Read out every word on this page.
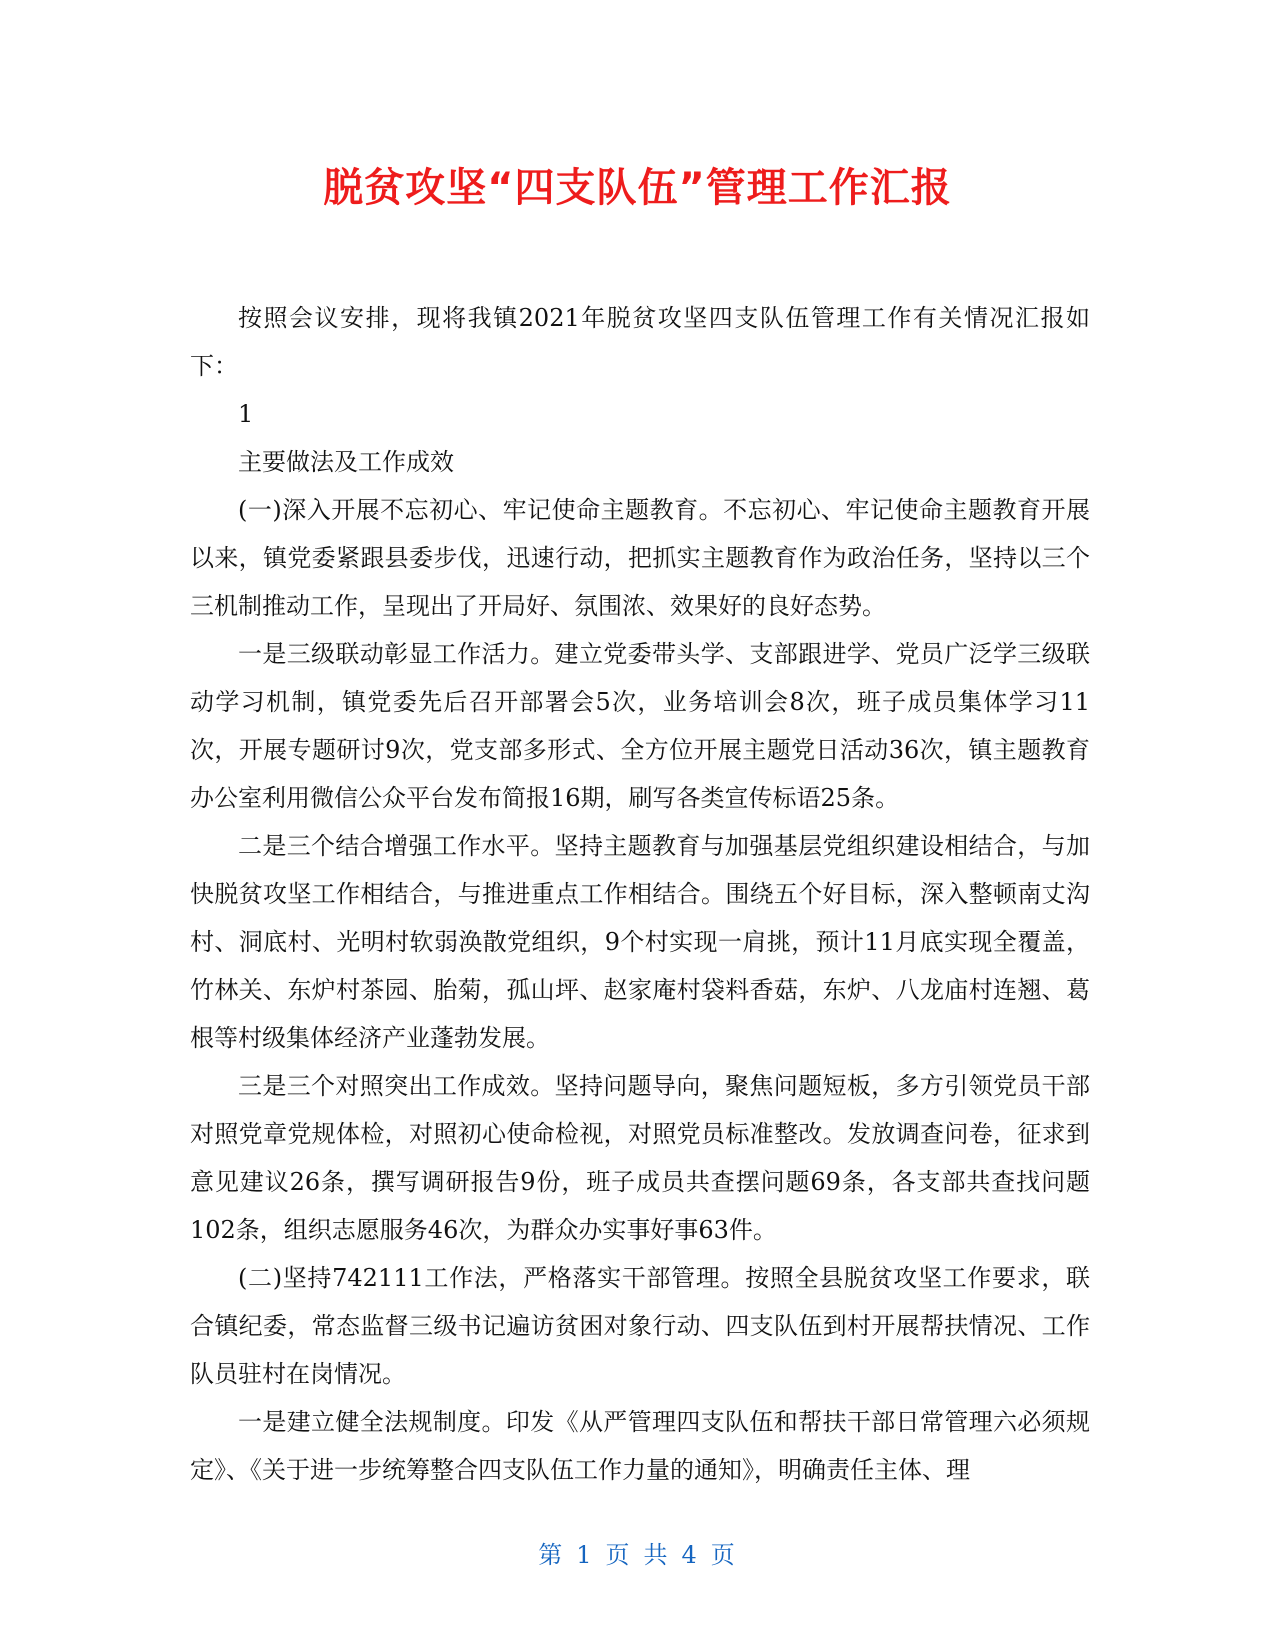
脱贫攻坚“四支队伍”管理工作汇报

按照会议安排，现将我镇2021年脱贫攻坚四支队伍管理工作有关情况汇报如下：

1

主要做法及工作成效

(一)深入开展不忘初心、牢记使命主题教育。不忘初心、牢记使命主题教育开展以来，镇党委紧跟县委步伐，迅速行动，把抓实主题教育作为政治任务，坚持以三个三机制推动工作，呈现出了开局好、氛围浓、效果好的良好态势。

一是三级联动彰显工作活力。建立党委带头学、支部跟进学、党员广泛学三级联动学习机制，镇党委先后召开部署会5次，业务培训会8次，班子成员集体学习11次，开展专题研讨9次，党支部多形式、全方位开展主题党日活动36次，镇主题教育办公室利用微信公众平台发布简报16期，刷写各类宣传标语25条。

二是三个结合增强工作水平。坚持主题教育与加强基层党组织建设相结合，与加快脱贫攻坚工作相结合，与推进重点工作相结合。围绕五个好目标，深入整顿南丈沟村、洞底村、光明村软弱涣散党组织，9个村实现一肩挑，预计11月底实现全覆盖，竹林关、东炉村茶园、胎菊，孤山坪、赵家庵村袋料香菇，东炉、八龙庙村连翘、葛根等村级集体经济产业蓬勃发展。

三是三个对照突出工作成效。坚持问题导向，聚焦问题短板，多方引领党员干部对照党章党规体检，对照初心使命检视，对照党员标准整改。发放调查问卷，征求到意见建议26条，撰写调研报告9份，班子成员共查摆问题69条，各支部共查找问题102条，组织志愿服务46次，为群众办实事好事63件。

(二)坚持742111工作法，严格落实干部管理。按照全县脱贫攻坚工作要求，联合镇纪委，常态监督三级书记遍访贫困对象行动、四支队伍到村开展帮扶情况、工作队员驻村在岗情况。

一是建立健全法规制度。印发《从严管理四支队伍和帮扶干部日常管理六必须规定》、《关于进一步统筹整合四支队伍工作力量的通知》，明确责任主体、理

第 1 页 共 4 页
